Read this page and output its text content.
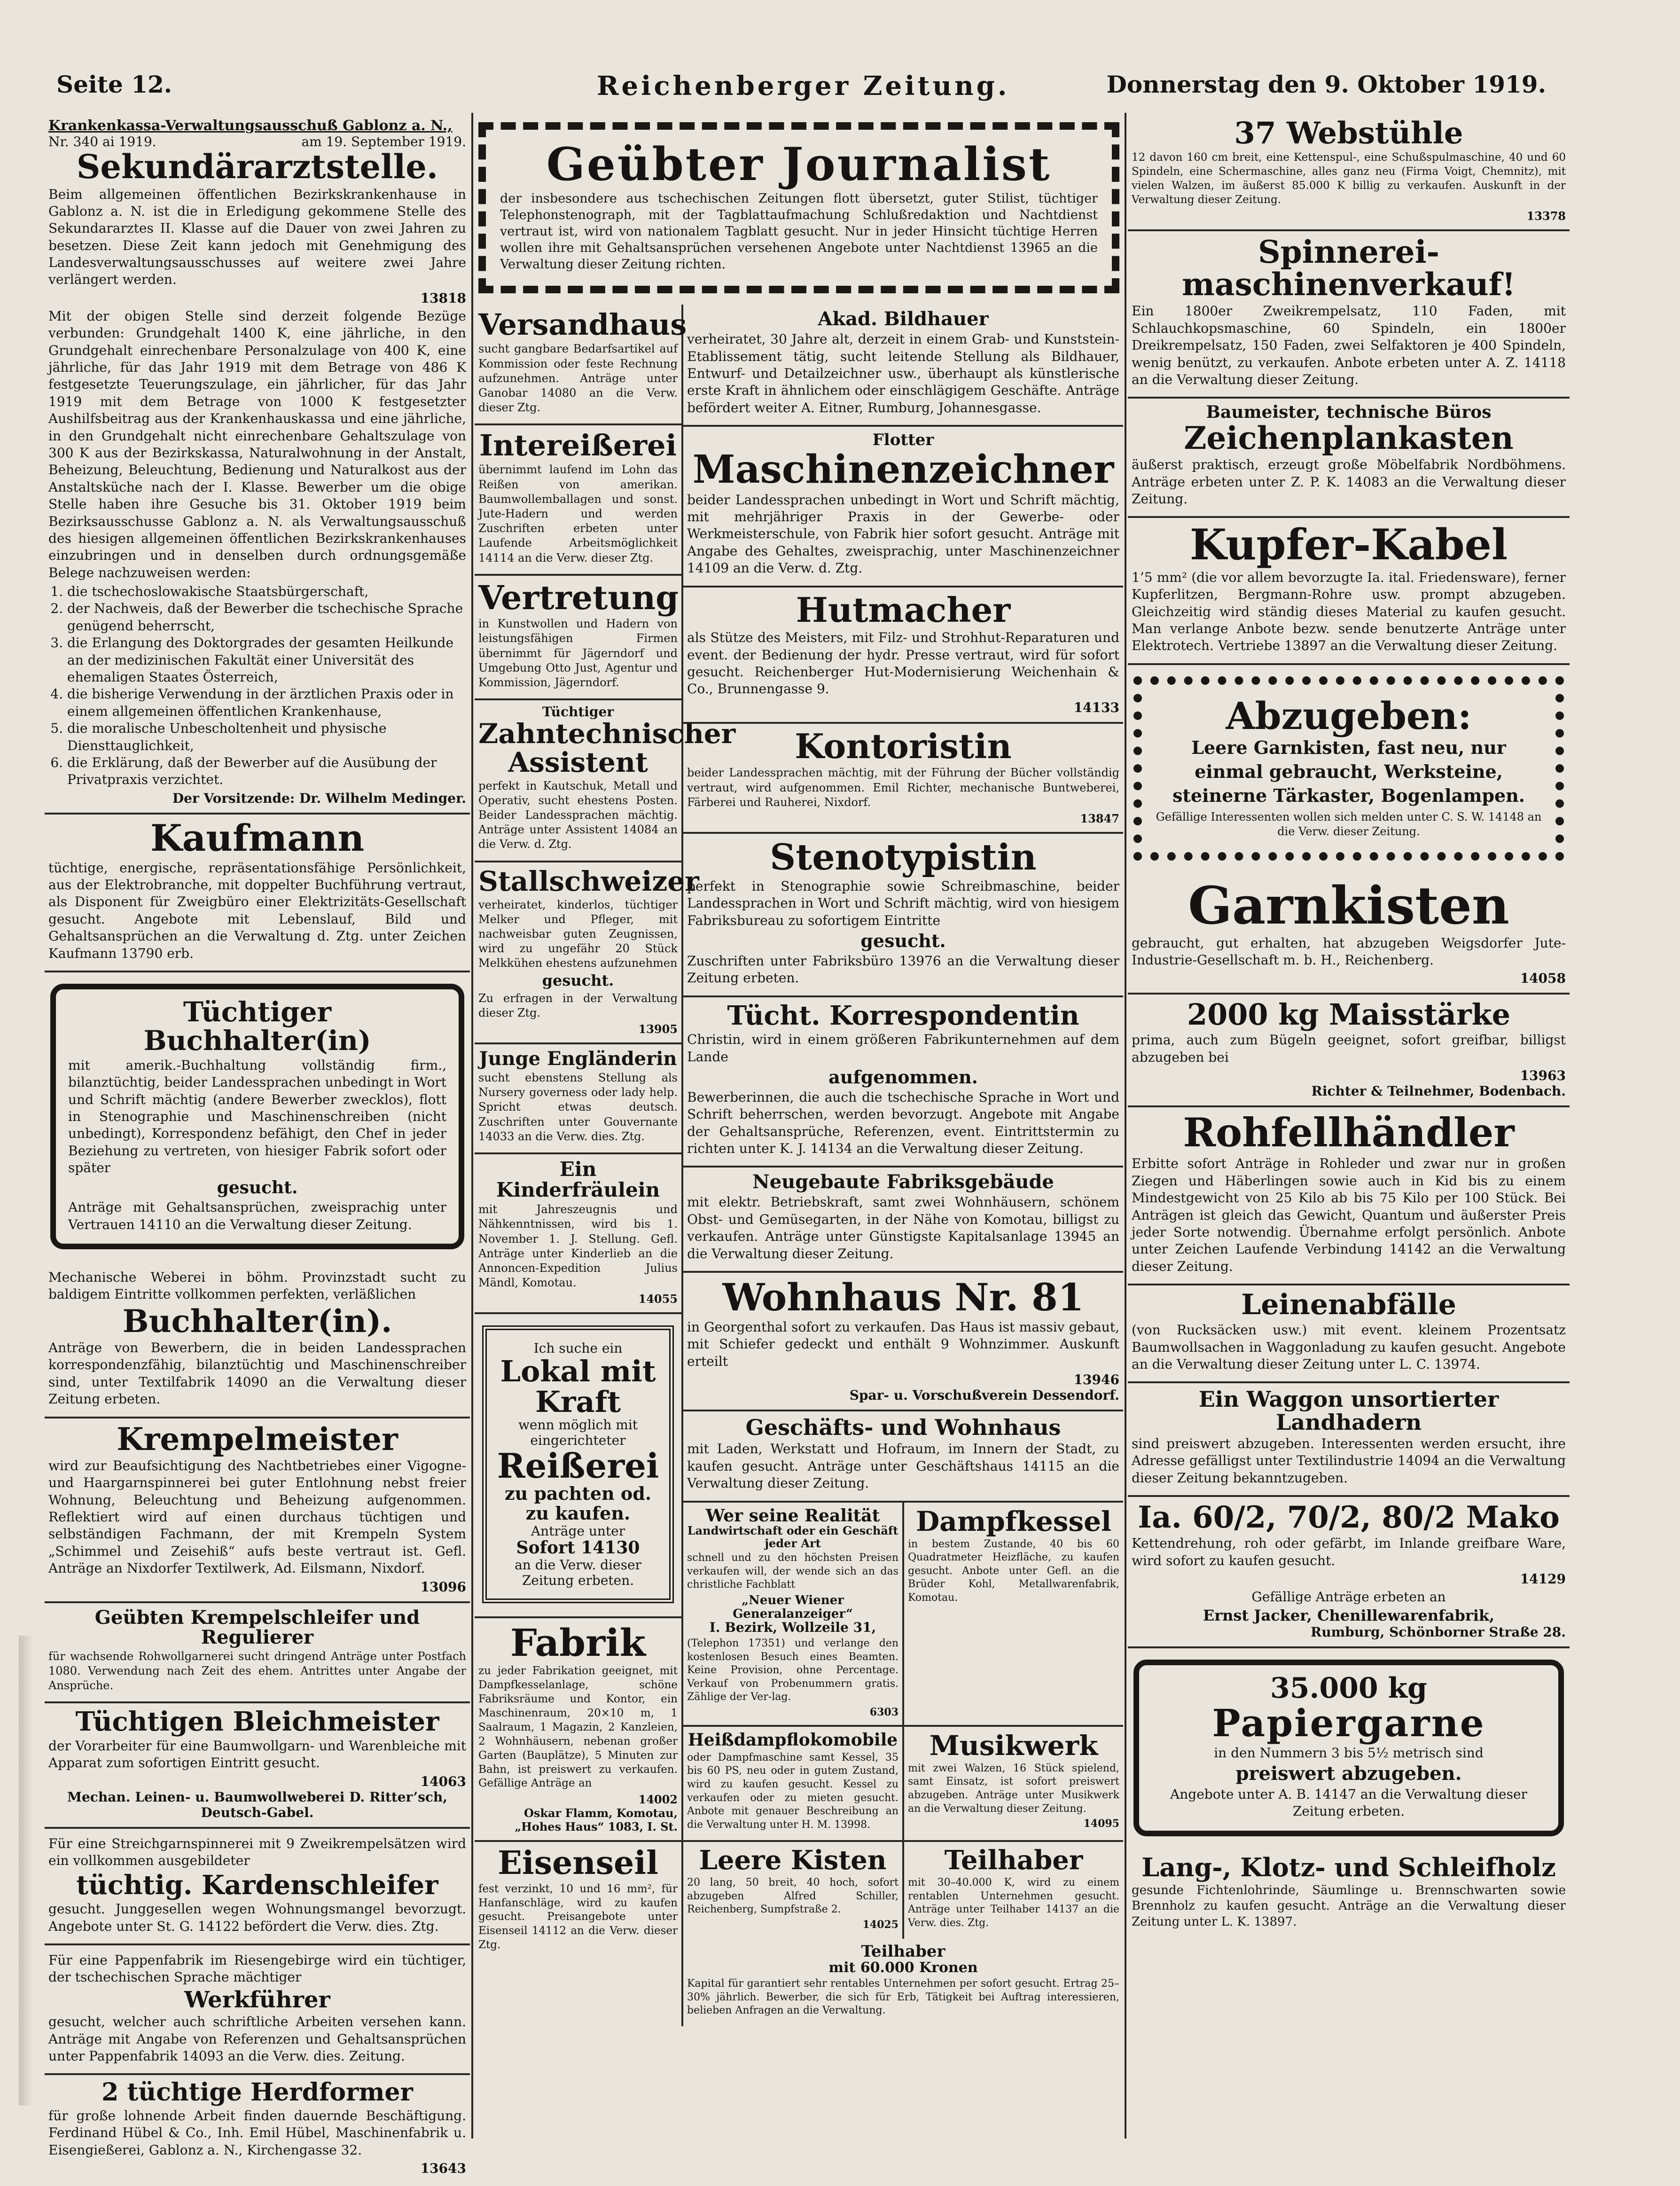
Seite 12.	Reichenberger Zeitung.	Donnerstag den 9. Oktober 1919.
Krankenkassa-Verwaltungsausschuß Gablonz a. N.,
Nr. 340 ai 1919.	am 19. September 1919.
Sekundärarztstelle.

Beim allgemeinen öffentlichen Bezirkskrankenhause in Gablonz a. N. ist die in Erledigung gekommene Stelle des Sekundararztes II. Klasse auf die Dauer von zwei Jahren zu besetzen. Diese Zeit kann jedoch mit Genehmigung des Landesverwaltungsausschusses auf weitere zwei Jahre verlängert werden.

13818

Mit der obigen Stelle sind derzeit folgende Bezüge verbunden: Grundgehalt 1400 K, eine jährliche, in den Grundgehalt einrechenbare Personalzulage von 400 K, eine jährliche, für das Jahr 1919 mit dem Betrage von 486 K festgesetzte Teuerungszulage, ein jährlicher, für das Jahr 1919 mit dem Betrage von 1000 K festgesetzter Aushilfsbeitrag aus der Krankenhauskassa und eine jährliche, in den Grundgehalt nicht einrechenbare Gehaltszulage von 300 K aus der Bezirkskassa, Naturalwohnung in der Anstalt, Beheizung, Beleuchtung, Bedienung und Naturalkost aus der Anstaltsküche nach der I. Klasse. Bewerber um die obige Stelle haben ihre Gesuche bis 31. Oktober 1919 beim Bezirksausschusse Gablonz a. N. als Verwaltungsausschuß des hiesigen allgemeinen öffentlichen Bezirkskrankenhauses einzubringen und in denselben durch ordnungsgemäße Belege nachzuweisen werden:

1. die tschechoslowakische Staatsbürgerschaft,
2. der Nachweis, daß der Bewerber die tschechische Sprache genügend beherrscht,
3. die Erlangung des Doktorgrades der gesamten Heilkunde an der medizinischen Fakultät einer Universität des ehemaligen Staates Österreich,
4. die bisherige Verwendung in der ärztlichen Praxis oder in einem allgemeinen öffentlichen Krankenhause,
5. die moralische Unbescholtenheit und physische Diensttauglichkeit,
6. die Erklärung, daß der Bewerber auf die Ausübung der Privatpraxis verzichtet.
Der Vorsitzende: Dr. Wilhelm Medinger.
Kaufmann

tüchtige, energische, repräsentationsfähige Persönlichkeit, aus der Elektrobranche, mit doppelter Buchführung vertraut, als Disponent für Zweigbüro einer Elektrizitäts-Gesellschaft gesucht. Angebote mit Lebenslauf, Bild und Gehaltsansprüchen an die Verwaltung d. Ztg. unter Zeichen Kaufmann 13790 erb.

Tüchtiger Buchhalter(in)

mit amerik.-Buchhaltung vollständig firm., bilanztüchtig, beider Landessprachen unbedingt in Wort und Schrift mächtig (andere Bewerber zwecklos), flott in Stenographie und Maschinenschreiben (nicht unbedingt), Korrespondenz befähigt, den Chef in jeder Beziehung zu vertreten, von hiesiger Fabrik sofort oder später

gesucht.

Anträge mit Gehaltsansprüchen, zweisprachig unter Vertrauen 14110 an die Verwaltung dieser Zeitung.

Mechanische Weberei in böhm. Provinzstadt sucht zu baldigem Eintritte vollkommen perfekten, verläßlichen

Buchhalter(in).

Anträge von Bewerbern, die in beiden Landessprachen korrespondenzfähig, bilanztüchtig und Maschinenschreiber sind, unter Textilfabrik 14090 an die Verwaltung dieser Zeitung erbeten.

Krempelmeister

wird zur Beaufsichtigung des Nachtbetriebes einer Vigogne- und Haargarnspinnerei bei guter Entlohnung nebst freier Wohnung, Beleuchtung und Beheizung aufgenommen. Reflektiert wird auf einen durchaus tüchtigen und selbständigen Fachmann, der mit Krempeln System „Schimmel und Zeisehiß“ aufs beste vertraut ist. Gefl. Anträge an Nixdorfer Textilwerk, Ad. Eilsmann, Nixdorf.

13096
Geübten Krempelschleifer und Regulierer

für wachsende Rohwollgarnerei sucht dringend Anträge unter Postfach 1080. Verwendung nach Zeit des ehem. Antrittes unter Angabe der Ansprüche.

Tüchtigen Bleichmeister

der Vorarbeiter für eine Baumwollgarn- und Warenbleiche mit Apparat zum sofortigen Eintritt gesucht.

14063
Mechan. Leinen- u. Baumwollweberei D. Ritter’sch, Deutsch-Gabel.

Für eine Streichgarnspinnerei mit 9 Zweikrempelsätzen wird ein vollkommen ausgebildeter

tüchtig. Kardenschleifer

gesucht. Junggesellen wegen Wohnungsmangel bevorzugt. Angebote unter St. G. 14122 befördert die Verw. dies. Ztg.

Für eine Pappenfabrik im Riesengebirge wird ein tüchtiger, der tschechischen Sprache mächtiger

Werkführer

gesucht, welcher auch schriftliche Arbeiten versehen kann. Anträge mit Angabe von Referenzen und Gehaltsansprüchen unter Pappenfabrik 14093 an die Verw. dies. Zeitung.

2 tüchtige Herdformer

für große lohnende Arbeit finden dauernde Beschäftigung. Ferdinand Hübel & Co., Inh. Emil Hübel, Maschinenfabrik u. Eisengießerei, Gablonz a. N., Kirchengasse 32.

13643
Geübter Journalist

der insbesondere aus tschechischen Zeitungen flott übersetzt, guter Stilist, tüchtiger Telephonstenograph, mit der Tagblattaufmachung Schlußredaktion und Nachtdienst vertraut ist, wird von nationalem Tagblatt gesucht. Nur in jeder Hinsicht tüchtige Herren wollen ihre mit Gehaltsansprüchen versehenen Angebote unter Nachtdienst 13965 an die Verwaltung dieser Zeitung richten.

Versandhaus

sucht gangbare Bedarfsartikel auf Kommission oder feste Rechnung aufzunehmen. Anträge unter Ganobar 14080 an die Verw. dieser Ztg.

Intereißerei

übernimmt laufend im Lohn das Reißen von amerikan. Baumwollemballagen und sonst. Jute-Hadern und werden Zuschriften erbeten unter Laufende Arbeitsmöglichkeit 14114 an die Verw. dieser Ztg.

Vertretung

in Kunstwollen und Hadern von leistungsfähigen Firmen übernimmt für Jägerndorf und Umgebung Otto Just, Agentur und Kommission, Jägerndorf.

Tüchtiger
Zahntechnischer Assistent

perfekt in Kautschuk, Metall und Operativ, sucht ehestens Posten. Beider Landessprachen mächtig. Anträge unter Assistent 14084 an die Verw. d. Ztg.

Stallschweizer

verheiratet, kinderlos, tüchtiger Melker und Pfleger, mit nachweisbar guten Zeugnissen, wird zu ungefähr 20 Stück Melkkühen ehestens aufzunehmen

gesucht.

Zu erfragen in der Verwaltung dieser Ztg.

13905
Junge Engländerin

sucht ebenstens Stellung als Nursery governess oder lady help. Spricht etwas deutsch. Zuschriften unter Gouvernante 14033 an die Verw. dies. Ztg.

Ein Kinderfräulein

mit Jahreszeugnis und Nähkenntnissen, wird bis 1. November 1. J. Stellung. Gefl. Anträge unter Kinderlieb an die Annoncen-Expedition Julius Mändl, Komotau.

14055
Ich suche ein
Lokal mit Kraft
wenn möglich mit eingerichteter
Reißerei
zu pachten od. zu kaufen.
Anträge unter
Sofort 14130
an die Verw. dieser Zeitung erbeten.
Fabrik

zu jeder Fabrikation geeignet, mit Dampfkesselanlage, schöne Fabriksräume und Kontor, ein Maschinenraum, 20×10 m, 1 Saalraum, 1 Magazin, 2 Kanzleien, 2 Wohnhäusern, nebenan großer Garten (Bauplätze), 5 Minuten zur Bahn, ist preiswert zu verkaufen. Gefällige Anträge an

14002
Oskar Flamm, Komotau, „Hohes Haus“ 1083, I. St.
Eisenseil

fest verzinkt, 10 und 16 mm², für Hanfanschläge, wird zu kaufen gesucht. Preisangebote unter Eisenseil 14112 an die Verw. dieser Ztg.

Akad. Bildhauer

verheiratet, 30 Jahre alt, derzeit in einem Grab- und Kunststein-Etablissement tätig, sucht leitende Stellung als Bildhauer, Entwurf- und Detailzeichner usw., überhaupt als künstlerische erste Kraft in ähnlichem oder einschlägigem Geschäfte. Anträge befördert weiter A. Eitner, Rumburg, Johannesgasse.

Flotter
Maschinenzeichner

beider Landessprachen unbedingt in Wort und Schrift mächtig, mit mehrjähriger Praxis in der Gewerbe- oder Werkmeisterschule, von Fabrik hier sofort gesucht. Anträge mit Angabe des Gehaltes, zweisprachig, unter Maschinenzeichner 14109 an die Verw. d. Ztg.

Hutmacher

als Stütze des Meisters, mit Filz- und Strohhut-Reparaturen und event. der Bedienung der hydr. Presse vertraut, wird für sofort gesucht. Reichenberger Hut-Modernisierung Weichenhain & Co., Brunnengasse 9.

14133
Kontoristin

beider Landessprachen mächtig, mit der Führung der Bücher vollständig vertraut, wird aufgenommen. Emil Richter, mechanische Buntweberei, Färberei und Rauherei, Nixdorf.

13847
Stenotypistin

perfekt in Stenographie sowie Schreibmaschine, beider Landessprachen in Wort und Schrift mächtig, wird von hiesigem Fabriksbureau zu sofortigem Eintritte

gesucht.

Zuschriften unter Fabriksbüro 13976 an die Verwaltung dieser Zeitung erbeten.

Tücht. Korrespondentin

Christin, wird in einem größeren Fabrikunternehmen auf dem Lande

aufgenommen.

Bewerberinnen, die auch die tschechische Sprache in Wort und Schrift beherrschen, werden bevorzugt. Angebote mit Angabe der Gehaltsansprüche, Referenzen, event. Eintrittstermin zu richten unter K. J. 14134 an die Verwaltung dieser Zeitung.

Neugebaute Fabriksgebäude

mit elektr. Betriebskraft, samt zwei Wohnhäusern, schönem Obst- und Gemüsegarten, in der Nähe von Komotau, billigst zu verkaufen. Anträge unter Günstigste Kapitalsanlage 13945 an die Verwaltung dieser Zeitung.

Wohnhaus Nr. 81

in Georgenthal sofort zu verkaufen. Das Haus ist massiv gebaut, mit Schiefer gedeckt und enthält 9 Wohnzimmer. Auskunft erteilt

13946
Spar- u. Vorschußverein Dessendorf.
Geschäfts- und Wohnhaus

mit Laden, Werkstatt und Hofraum, im Innern der Stadt, zu kaufen gesucht. Anträge unter Geschäftshaus 14115 an die Verwaltung dieser Zeitung.

Wer seine Realität
Landwirtschaft oder ein Geschäft jeder Art

schnell und zu den höchsten Preisen verkaufen will, der wende sich an das christliche Fachblatt

„Neuer Wiener Generalanzeiger“
I. Bezirk, Wollzeile 31,

(Telephon 17351) und verlange den kostenlosen Besuch eines Beamten. Keine Provision, ohne Percentage. Verkauf von Probenummern gratis. Zählige der Ver-lag.

6303
Dampfkessel

in bestem Zustande, 40 bis 60 Quadratmeter Heizfläche, zu kaufen gesucht. Anbote unter Gefl. an die Brüder Kohl, Metallwarenfabrik, Komotau.

Heißdampflokomobile

oder Dampfmaschine samt Kessel, 35 bis 60 PS, neu oder in gutem Zustand, wird zu kaufen gesucht. Kessel zu verkaufen oder zu mieten gesucht. Anbote mit genauer Beschreibung an die Verwaltung unter H. M. 13998.

Musikwerk

mit zwei Walzen, 16 Stück spielend, samt Einsatz, ist sofort preiswert abzugeben. Anträge unter Musikwerk an die Verwaltung dieser Zeitung.

14095
Leere Kisten

20 lang, 50 breit, 40 hoch, sofort abzugeben Alfred Schiller, Reichenberg, Sumpfstraße 2.

14025
Teilhaber

mit 30–40.000 K, wird zu einem rentablen Unternehmen gesucht. Anträge unter Teilhaber 14137 an die Verw. dies. Ztg.

Teilhaber
mit 60.000 Kronen

Kapital für garantiert sehr rentables Unternehmen per sofort gesucht. Ertrag 25–30% jährlich. Bewerber, die sich für Erb, Tätigkeit bei Auftrag interessieren, belieben Anfragen an die Verwaltung.

37 Webstühle

12 davon 160 cm breit, eine Kettenspul-, eine Schußspulmaschine, 40 und 60 Spindeln, eine Schermaschine, alles ganz neu (Firma Voigt, Chemnitz), mit vielen Walzen, im äußerst 85.000 K billig zu verkaufen. Auskunft in der Verwaltung dieser Zeitung.

13378
Spinnerei-maschinenverkauf!

Ein 1800er Zweikrempelsatz, 110 Faden, mit Schlauchkopsmaschine, 60 Spindeln, ein 1800er Dreikrempelsatz, 150 Faden, zwei Selfaktoren je 400 Spindeln, wenig benützt, zu verkaufen. Anbote erbeten unter A. Z. 14118 an die Verwaltung dieser Zeitung.

Baumeister, technische Büros
Zeichenplankasten

äußerst praktisch, erzeugt große Möbelfabrik Nordböhmens. Anträge erbeten unter Z. P. K. 14083 an die Verwaltung dieser Zeitung.

Kupfer-Kabel

1’5 mm² (die vor allem bevorzugte Ia. ital. Friedensware), ferner Kupferlitzen, Bergmann-Rohre usw. prompt abzugeben. Gleichzeitig wird ständig dieses Material zu kaufen gesucht. Man verlange Anbote bezw. sende benutzerte Anträge unter Elektrotech. Vertriebe 13897 an die Verwaltung dieser Zeitung.

Abzugeben:
Leere Garnkisten, fast neu, nur einmal gebraucht, Werksteine, steinerne Tärkaster, Bogenlampen.

Gefällige Interessenten wollen sich melden unter C. S. W. 14148 an die Verw. dieser Zeitung.

Garnkisten

gebraucht, gut erhalten, hat abzugeben Weigsdorfer Jute-Industrie-Gesellschaft m. b. H., Reichenberg.

14058
2000 kg Maisstärke

prima, auch zum Bügeln geeignet, sofort greifbar, billigst abzugeben bei

13963
Richter & Teilnehmer, Bodenbach.
Rohfellhändler

Erbitte sofort Anträge in Rohleder und zwar nur in großen Ziegen und Häberlingen sowie auch in Kid bis zu einem Mindestgewicht von 25 Kilo ab bis 75 Kilo per 100 Stück. Bei Anträgen ist gleich das Gewicht, Quantum und äußerster Preis jeder Sorte notwendig. Übernahme erfolgt persönlich. Anbote unter Zeichen Laufende Verbindung 14142 an die Verwaltung dieser Zeitung.

Leinenabfälle

(von Rucksäcken usw.) mit event. kleinem Prozentsatz Baumwollsachen in Waggonladung zu kaufen gesucht. Angebote an die Verwaltung dieser Zeitung unter L. C. 13974.

Ein Waggon unsortierter Landhadern

sind preiswert abzugeben. Interessenten werden ersucht, ihre Adresse gefälligst unter Textilindustrie 14094 an die Verwaltung dieser Zeitung bekanntzugeben.

Ia. 60/2, 70/2, 80/2 Mako

Kettendrehung, roh oder gefärbt, im Inlande greifbare Ware, wird sofort zu kaufen gesucht.

14129

Gefällige Anträge erbeten an

Ernst Jacker, Chenillewarenfabrik,
Rumburg, Schönborner Straße 28.
35.000 kg
Papiergarne

in den Nummern 3 bis 5½ metrisch sind

preiswert abzugeben.

Angebote unter A. B. 14147 an die Verwaltung dieser Zeitung erbeten.

Lang-, Klotz- und Schleifholz

gesunde Fichtenlohrinde, Säumlinge u. Brennschwarten sowie Brennholz zu kaufen gesucht. Anträge an die Verwaltung dieser Zeitung unter L. K. 13897.
